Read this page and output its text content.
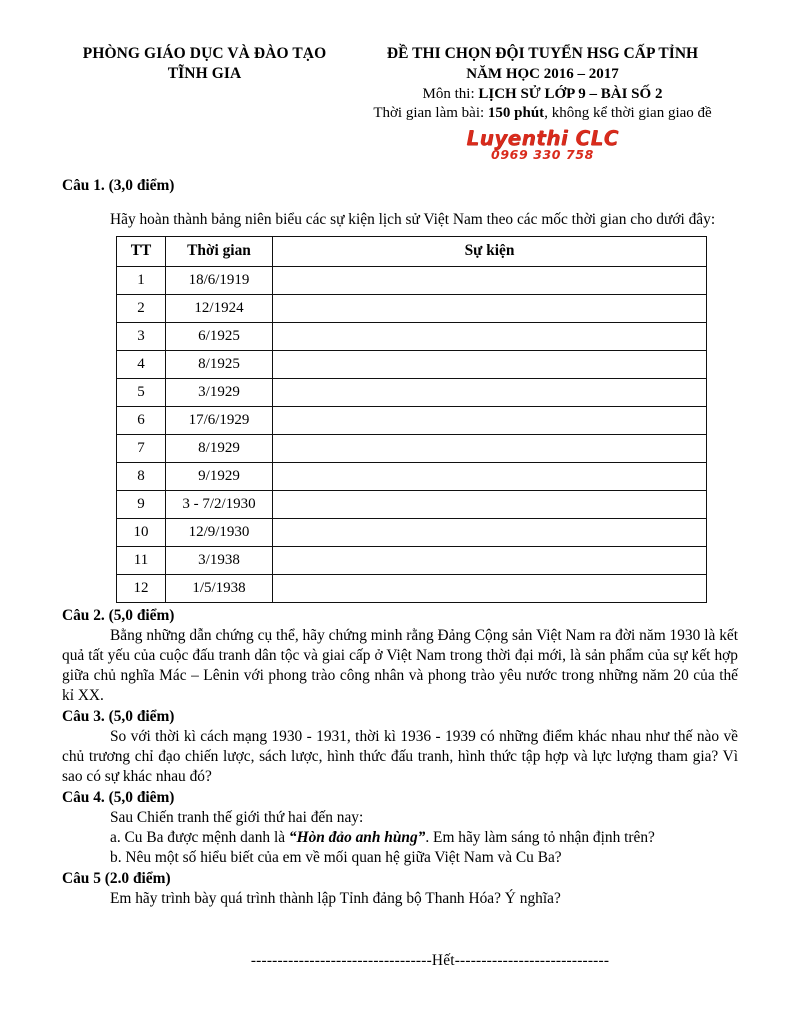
PHÒNG GIÁO DỤC VÀ ĐÀO TẠO
TĨNH GIA
ĐỀ THI CHỌN ĐỘI TUYỂN HSG CẤP TỈNH
NĂM HỌC 2016 – 2017
Môn thi: LỊCH SỬ LỚP 9 – BÀI SỐ 2
Thời gian làm bài: 150 phút, không kể thời gian giao đề
Luyenthi CLC
0969 330 758
Câu 1. (3,0 điểm)

Hãy hoàn thành bảng niên biểu các sự kiện lịch sử Việt Nam theo các mốc thời gian cho dưới đây:

TT	Thời gian	Sự kiện
1	18/6/1919	
2	12/1924	
3	6/1925	
4	8/1925	
5	3/1929	
6	17/6/1929	
7	8/1929	
8	9/1929	
9	3 - 7/2/1930	
10	12/9/1930	
11	3/1938	
12	1/5/1938	
Câu 2. (5,0 điểm)

Bằng những dẫn chứng cụ thể, hãy chứng minh rằng Đảng Cộng sản Việt Nam ra đời năm 1930 là kết quả tất yếu của cuộc đấu tranh dân tộc và giai cấp ở Việt Nam trong thời đại mới, là sản phẩm của sự kết hợp giữa chủ nghĩa Mác – Lênin với phong trào công nhân và phong trào yêu nước trong những năm 20 của thế kỉ XX.

Câu 3. (5,0 điểm)

So với thời kì cách mạng 1930 - 1931, thời kì 1936 - 1939 có những điểm khác nhau như thế nào về chủ trương chỉ đạo chiến lược, sách lược, hình thức đấu tranh, hình thức tập hợp và lực lượng tham gia? Vì sao có sự khác nhau đó?

Câu 4. (5,0 điêm)

Sau Chiến tranh thế giới thứ hai đến nay:

a. Cu Ba được mệnh danh là “Hòn đảo anh hùng”. Em hãy làm sáng tỏ nhận định trên?

b. Nêu một số hiểu biết của em về mối quan hệ giữa Việt Nam và Cu Ba?

Câu 5 (2.0 điểm)

Em hãy trình bày quá trình thành lập Tỉnh đảng bộ Thanh Hóa? Ý nghĩa?

----------------------------------Hết-----------------------------
